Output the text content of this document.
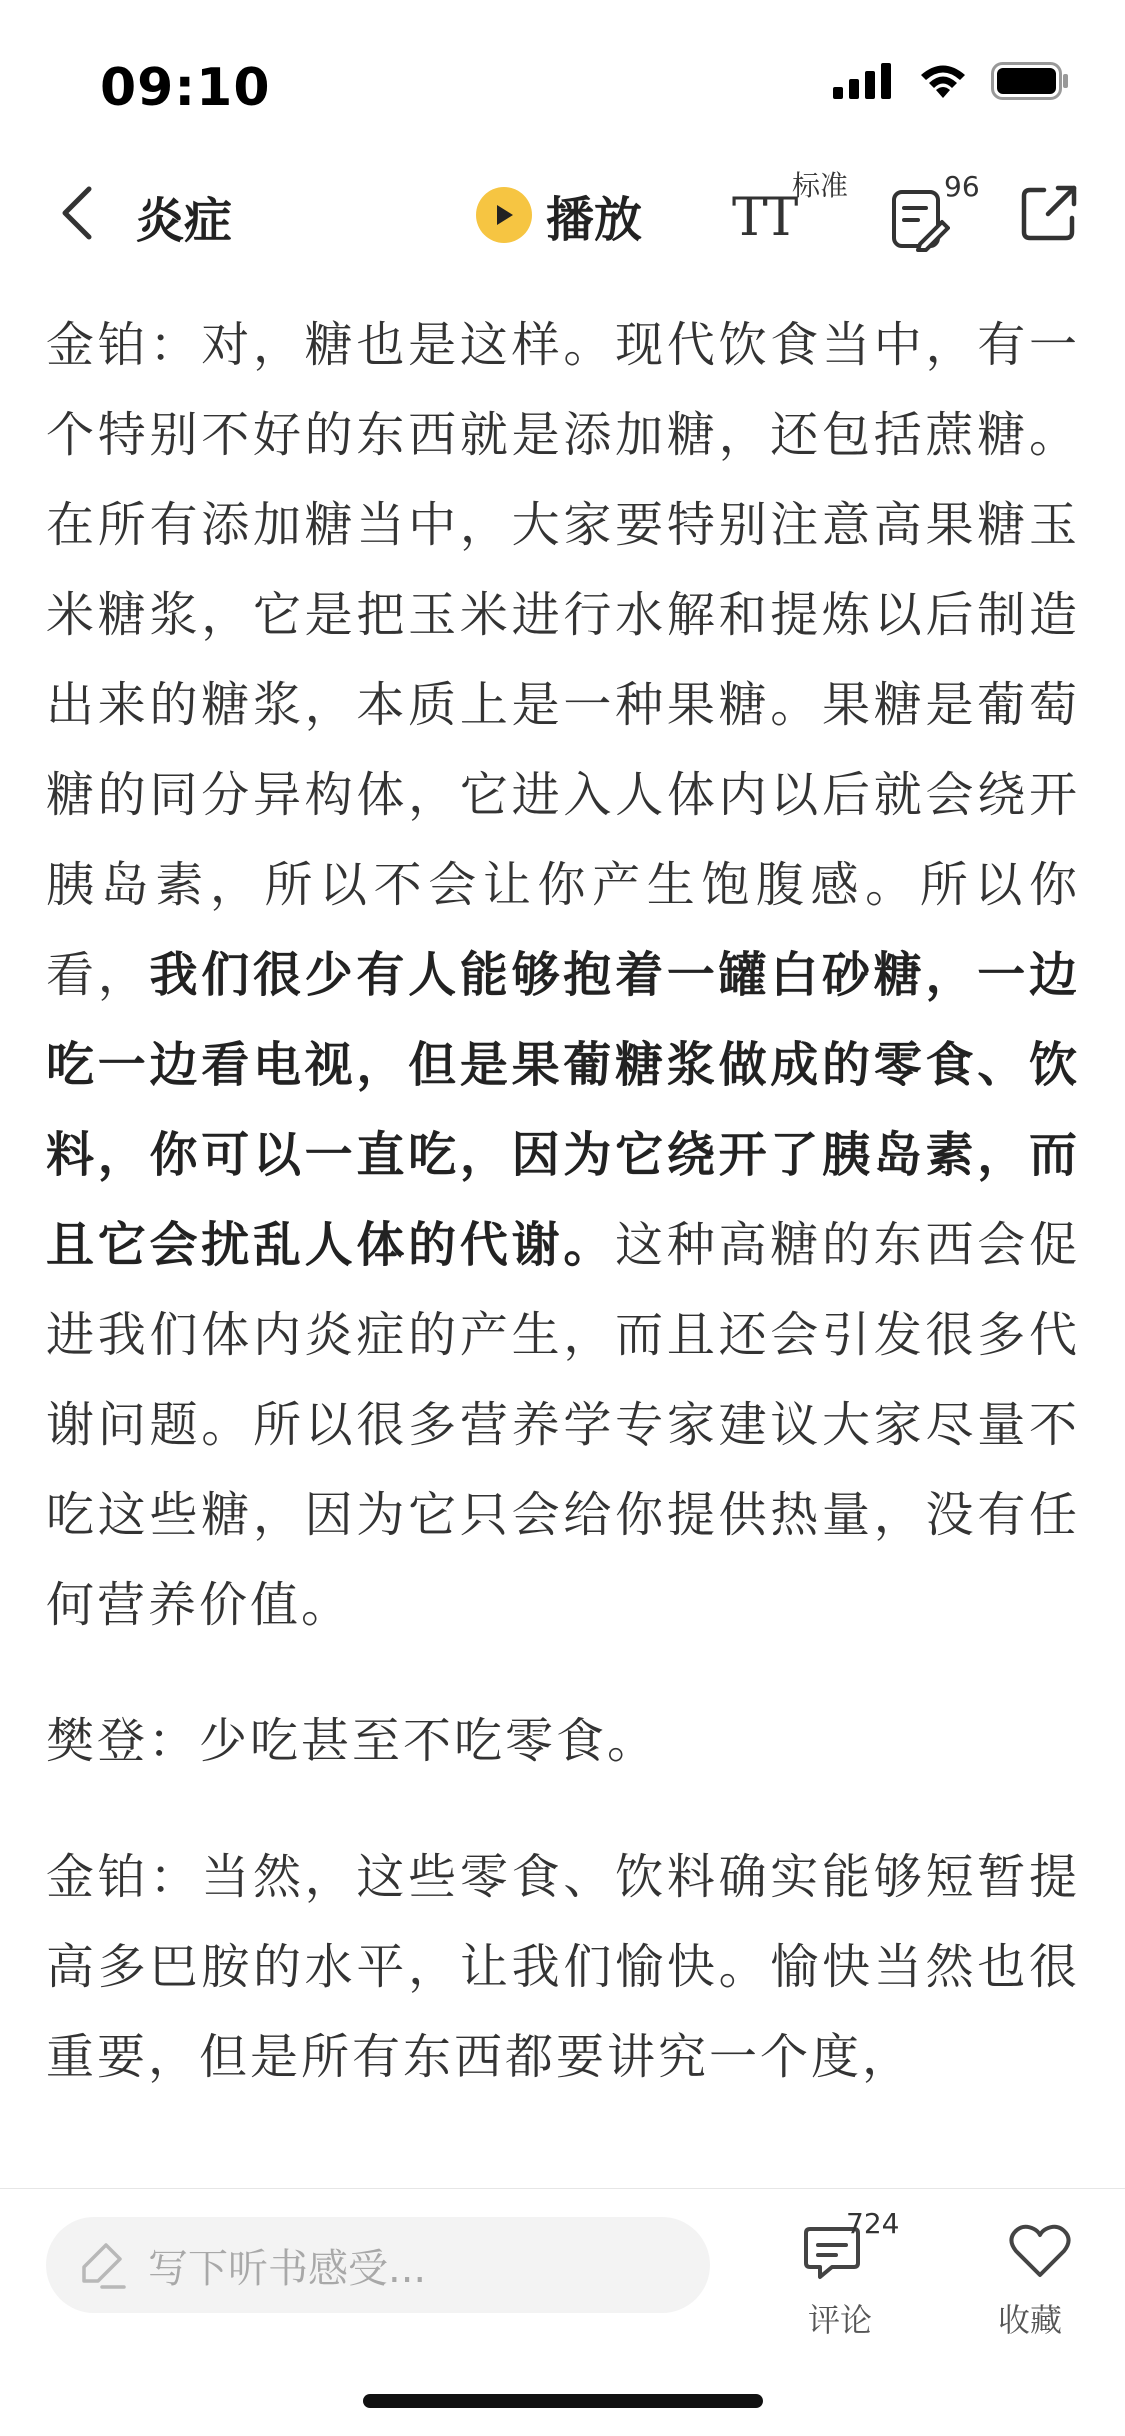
09:10
炎症	播放 TT
标准	96

金铂：对，糖也是这样。现代饮食当中，有一个特别不好的东西就是添加糖，还包括蔗糖。在所有添加糖当中，大家要特别注意高果糖玉米糖浆，它是把玉米进行水解和提炼以后制造出来的糖浆，本质上是一种果糖。果糖是葡萄糖的同分异构体，它进入人体内以后就会绕开胰岛素，所以不会让你产生饱腹感。所以你看，我们很少有人能够抱着一罐白砂糖，一边吃一边看电视，但是果葡糖浆做成的零食、饮料，你可以一直吃，因为它绕开了胰岛素，而且它会扰乱人体的代谢。这种高糖的东西会促进我们体内炎症的产生，而且还会引发很多代谢问题。所以很多营养学专家建议大家尽量不吃这些糖，因为它只会给你提供热量，没有任何营养价值。

樊登：少吃甚至不吃零食。

金铂：当然，这些零食、饮料确实能够短暂提高多巴胺的水平，让我们愉快。愉快当然也很重要，但是所有东西都要讲究一个度，

写下听书感受...
724
评论	收藏
